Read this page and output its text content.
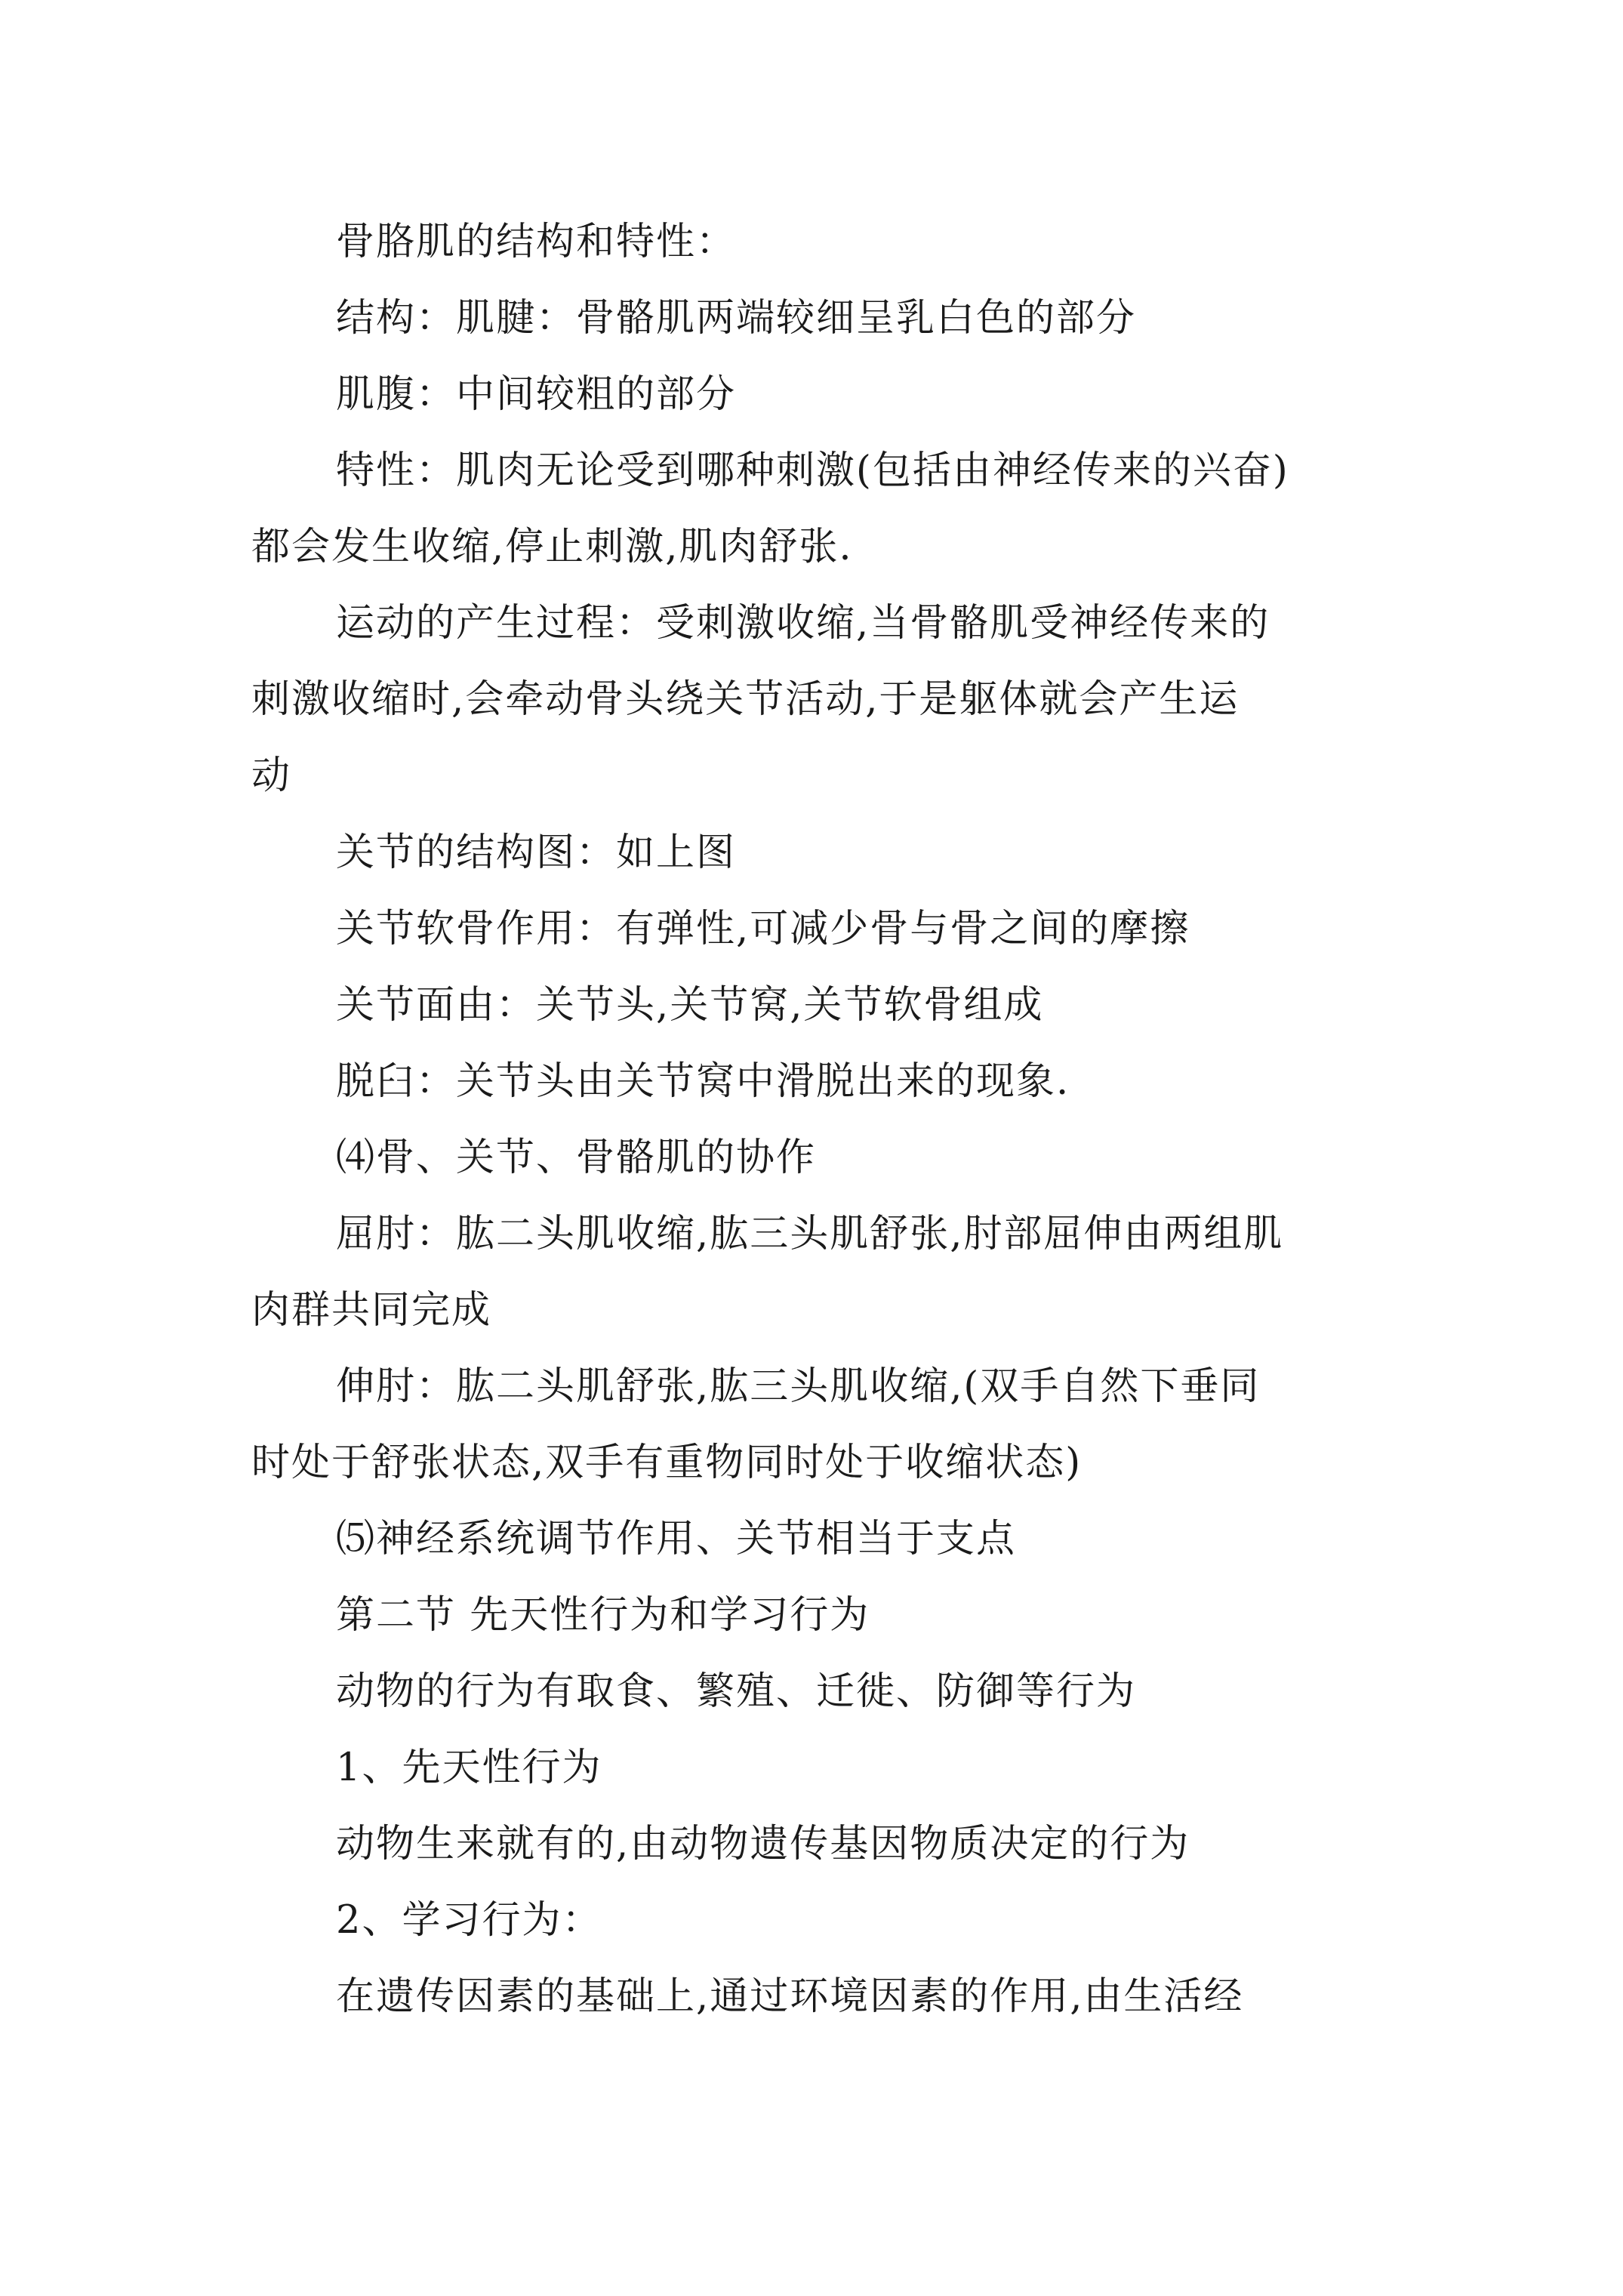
骨胳肌的结构和特性：
结构：肌腱：骨骼肌两端较细呈乳白色的部分
肌腹：中间较粗的部分
特性：肌肉无论受到哪种刺激(包括由神经传来的兴奋)
都会发生收缩,停止刺激,肌肉舒张.
运动的产生过程：受刺激收缩,当骨骼肌受神经传来的
刺激收缩时,会牵动骨头绕关节活动,于是躯体就会产生运
动
关节的结构图：如上图
关节软骨作用：有弹性,可减少骨与骨之间的摩擦
关节面由：关节头,关节窝,关节软骨组成
脱臼：关节头由关节窝中滑脱出来的现象.
⑷骨、关节、骨骼肌的协作
屈肘：肱二头肌收缩,肱三头肌舒张,肘部屈伸由两组肌
肉群共同完成
伸肘：肱二头肌舒张,肱三头肌收缩,(双手自然下垂同
时处于舒张状态,双手有重物同时处于收缩状态)
⑸神经系统调节作用、关节相当于支点
第二节 先天性行为和学习行为
动物的行为有取食、繁殖、迁徙、防御等行为
1、先天性行为
动物生来就有的,由动物遗传基因物质决定的行为
2、学习行为：
在遗传因素的基础上,通过环境因素的作用,由生活经
